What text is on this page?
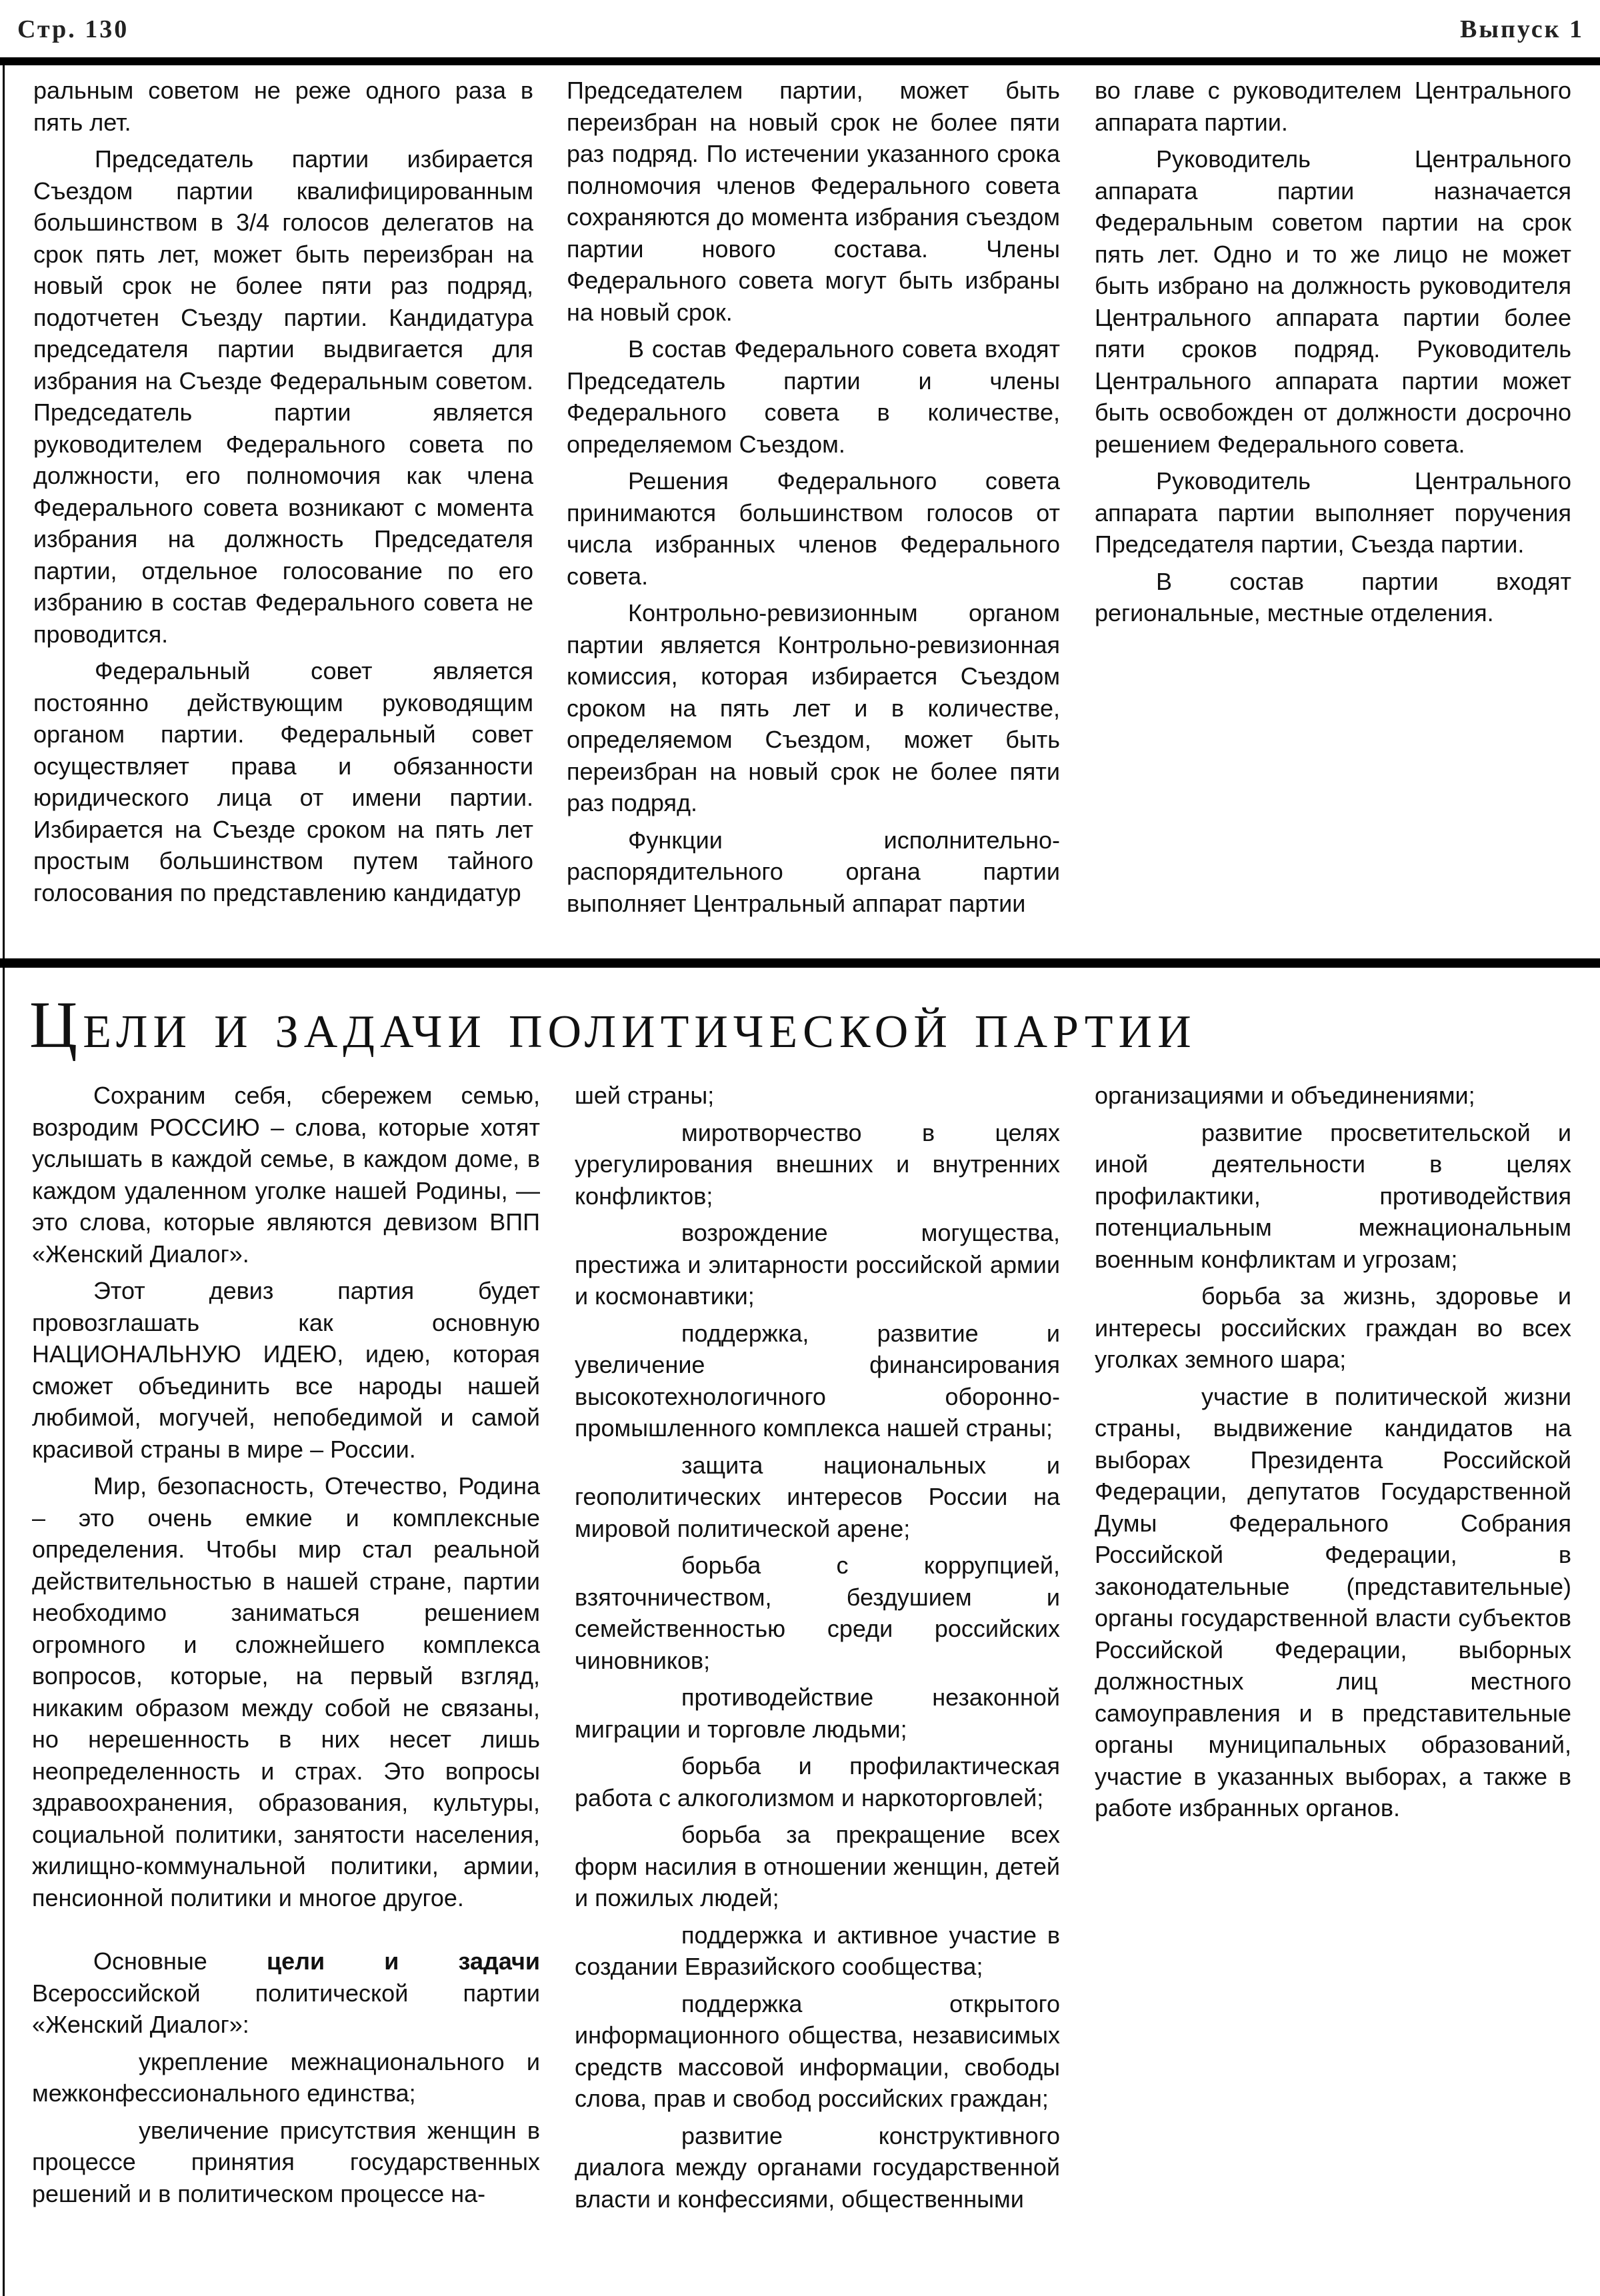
Стр. 130	Выпуск 1

ральным советом не реже одного раза в пять лет.

Председатель партии избирается Съездом партии квалифицированным большинством в 3/4 голосов делегатов на срок пять лет, может быть переизбран на новый срок не более пяти раз подряд, подотчетен Съезду партии. Кандидатура председателя партии выдвигается для избрания на Съезде Федеральным советом. Председатель партии является руководителем Федерального совета по должности, его полномочия как члена Федерального совета возникают с момента избрания на должность Председателя партии, отдельное голосование по его избранию в состав Федерального совета не проводится.

Федеральный совет является постоянно действующим руководящим органом партии. Федеральный совет осуществляет права и обязанности юридического лица от имени партии. Избирается на Съезде сроком на пять лет простым большинством путем тайного голосования по представлению кандидатур

Председателем партии, может быть переизбран на новый срок не более пяти раз подряд. По истечении указанного срока полномочия членов Федерального совета сохраняются до момента избрания съездом партии нового состава. Члены Федерального совета могут быть избраны на новый срок.

В состав Федерального совета входят Председатель партии и члены Федерального совета в количестве, определяемом Съездом.

Решения Федерального совета принимаются большинством голосов от числа избранных членов Федерального совета.

Контрольно-ревизионным органом партии является Контрольно-ревизионная комиссия, которая избирается Съездом сроком на пять лет и в количестве, определяемом Съездом, может быть переизбран на новый срок не более пяти раз подряд.

Функции исполнительно-распорядительного органа партии выполняет Центральный аппарат партии

во главе с руководителем Центрального аппарата партии.

Руководитель Центрального аппарата партии назначается Федеральным советом партии на срок пять лет. Одно и то же лицо не может быть избрано на должность руководителя Центрального аппарата партии более пяти сроков подряд. Руководитель Центрального аппарата партии может быть освобожден от должности досрочно решением Федерального совета.

Руководитель Центрального аппарата партии выполняет поручения Председателя партии, Съезда партии.

В состав партии входят региональные, местные отделения.

Цели и задачи политической партии

Сохраним себя, сбережем семью, возродим РОССИЮ – слова, которые хотят услышать в каждой семье, в каждом доме, в каждом удаленном уголке нашей Родины, — это слова, которые являются девизом ВПП «Женский Диалог».

Этот девиз партия будет провозглашать как основную НАЦИОНАЛЬНУЮ ИДЕЮ, идею, которая сможет объединить все народы нашей любимой, могучей, непобедимой и самой красивой страны в мире – России.

Мир, безопасность, Отечество, Родина – это очень емкие и комплексные определения. Чтобы мир стал реальной действительностью в нашей стране, партии необходимо заниматься решением огромного и сложнейшего комплекса вопросов, которые, на первый взгляд, никаким образом между собой не связаны, но нерешенность в них несет лишь неопределенность и страх. Это вопросы здравоохранения, образования, культуры, социальной политики, занятости населения, жилищно-коммунальной политики, армии, пенсионной политики и многое другое.

Основные цели и задачи Всероссийской политической партии «Женский Диалог»:

укрепление межнационального и межконфессионального единства;

увеличение присутствия женщин в процессе принятия государственных решений и в политическом процессе на-

шей страны;

миротворчество в целях урегулирования внешних и внутренних конфликтов;

возрождение могущества, престижа и элитарности российской армии и космонавтики;

поддержка, развитие и увеличение финансирования высокотехнологичного оборонно-промышленного комплекса нашей страны;

защита национальных и геополитических интересов России на мировой политической арене;

борьба с коррупцией, взяточничеством, бездушием и семейственностью среди российских чиновников;

противодействие незаконной миграции и торговле людьми;

борьба и профилактическая работа с алкоголизмом и наркоторговлей;

борьба за прекращение всех форм насилия в отношении женщин, детей и пожилых людей;

поддержка и активное участие в создании Евразийского сообщества;

поддержка открытого информационного общества, независимых средств массовой информации, свободы слова, прав и свобод российских граждан;

развитие конструктивного диалога между органами государственной власти и конфессиями, общественными

организациями и объединениями;

развитие просветительской и иной деятельности в целях профилактики, противодействия потенциальным межнациональным военным конфликтам и угрозам;

борьба за жизнь, здоровье и интересы российских граждан во всех уголках земного шара;

участие в политической жизни страны, выдвижение кандидатов на выборах Президента Российской Федерации, депутатов Государственной Думы Федерального Собрания Российской Федерации, в законодательные (представительные) органы государственной власти субъектов Российской Федерации, выборных должностных лиц местного самоуправления и в представительные органы муниципальных образований, участие в указанных выборах, а также в работе избранных органов.
